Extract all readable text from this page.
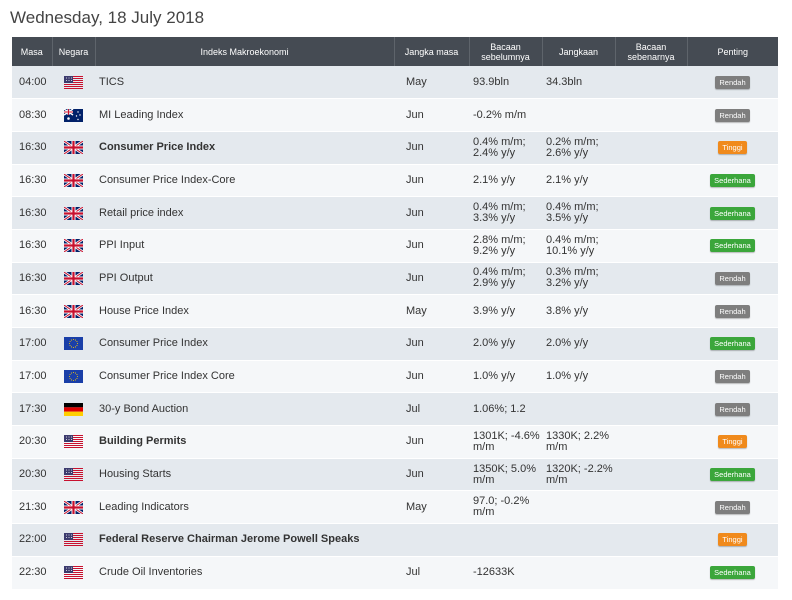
Wednesday, 18 July 2018
Masa	Negara	Indeks Makroekonomi	Jangka masa	Bacaan sebelumnya	Jangkaan	Bacaan sebenarnya	Penting
04:00		TICS	May	93.9bln	34.3bln		Rendah
08:30		MI Leading Index	Jun	-0.2% m/m			Rendah
16:30		Consumer Price Index	Jun	0.4% m/m; 2.4% y/y	0.2% m/m; 2.6% y/y		Tinggi
16:30		Consumer Price Index-Core	Jun	2.1% y/y	2.1% y/y		Sederhana
16:30		Retail price index	Jun	0.4% m/m; 3.3% y/y	0.4% m/m; 3.5% y/y		Sederhana
16:30		PPI Input	Jun	2.8% m/m; 9.2% y/y	0.4% m/m; 10.1% y/y		Sederhana
16:30		PPI Output	Jun	0.4% m/m; 2.9% y/y	0.3% m/m; 3.2% y/y		Rendah
16:30		House Price Index	May	3.9% y/y	3.8% y/y		Rendah
17:00		Consumer Price Index	Jun	2.0% y/y	2.0% y/y		Sederhana
17:00		Consumer Price Index Core	Jun	1.0% y/y	1.0% y/y		Rendah
17:30		30-y Bond Auction	Jul	1.06%; 1.2			Rendah
20:30		Building Permits	Jun	1301K; -4.6% m/m	1330K; 2.2% m/m		Tinggi
20:30		Housing Starts	Jun	1350K; 5.0% m/m	1320K; -2.2% m/m		Sederhana
21:30		Leading Indicators	May	97.0; -0.2% m/m			Rendah
22:00		Federal Reserve Chairman Jerome Powell Speaks					Tinggi
22:30		Crude Oil Inventories	Jul	-12633K			Sederhana
